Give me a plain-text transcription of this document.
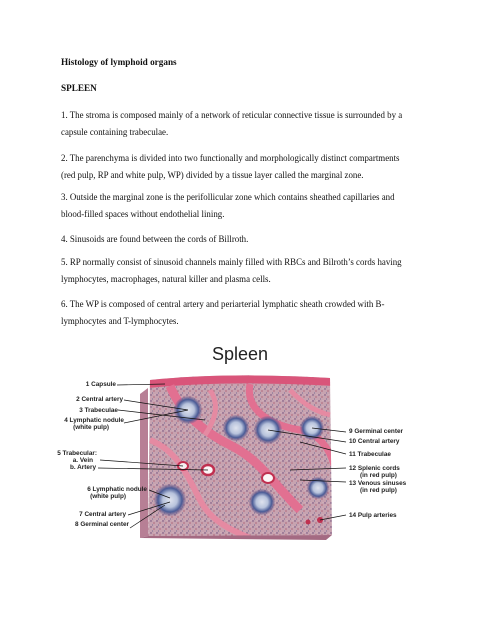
Histology of lymphoid organs
SPLEEN
1. The stroma is composed mainly of a network of reticular connective tissue is surrounded by a
capsule containing trabeculae.
2. The parenchyma is divided into two functionally and morphologically distinct compartments
(red pulp, RP and white pulp, WP) divided by a tissue layer called the marginal zone.
3. Outside the marginal zone is the perifollicular zone which contains sheathed capillaries and
blood-filled spaces without endothelial lining.
4. Sinusoids are found between the cords of Billroth.
5. RP normally consist of sinusoid channels mainly filled with RBCs and Bilroth’s cords having
lymphocytes, macrophages, natural killer and plasma cells.
6. The WP is composed of central artery and periarterial lymphatic sheath crowded with B-
lymphocytes and T-lymphocytes.
Spleen
1 Capsule
2 Central artery
3 Trabeculae
4 Lymphatic nodule
(white pulp)
5 Trabecular:
a. Vein
b. Artery
6 Lymphatic nodule
(white pulp)
7 Central artery
8 Germinal center
9 Germinal center
10 Central artery
11 Trabeculae
12 Splenic cords
(in red pulp)
13 Venous sinuses
(in red pulp)
14 Pulp arteries
